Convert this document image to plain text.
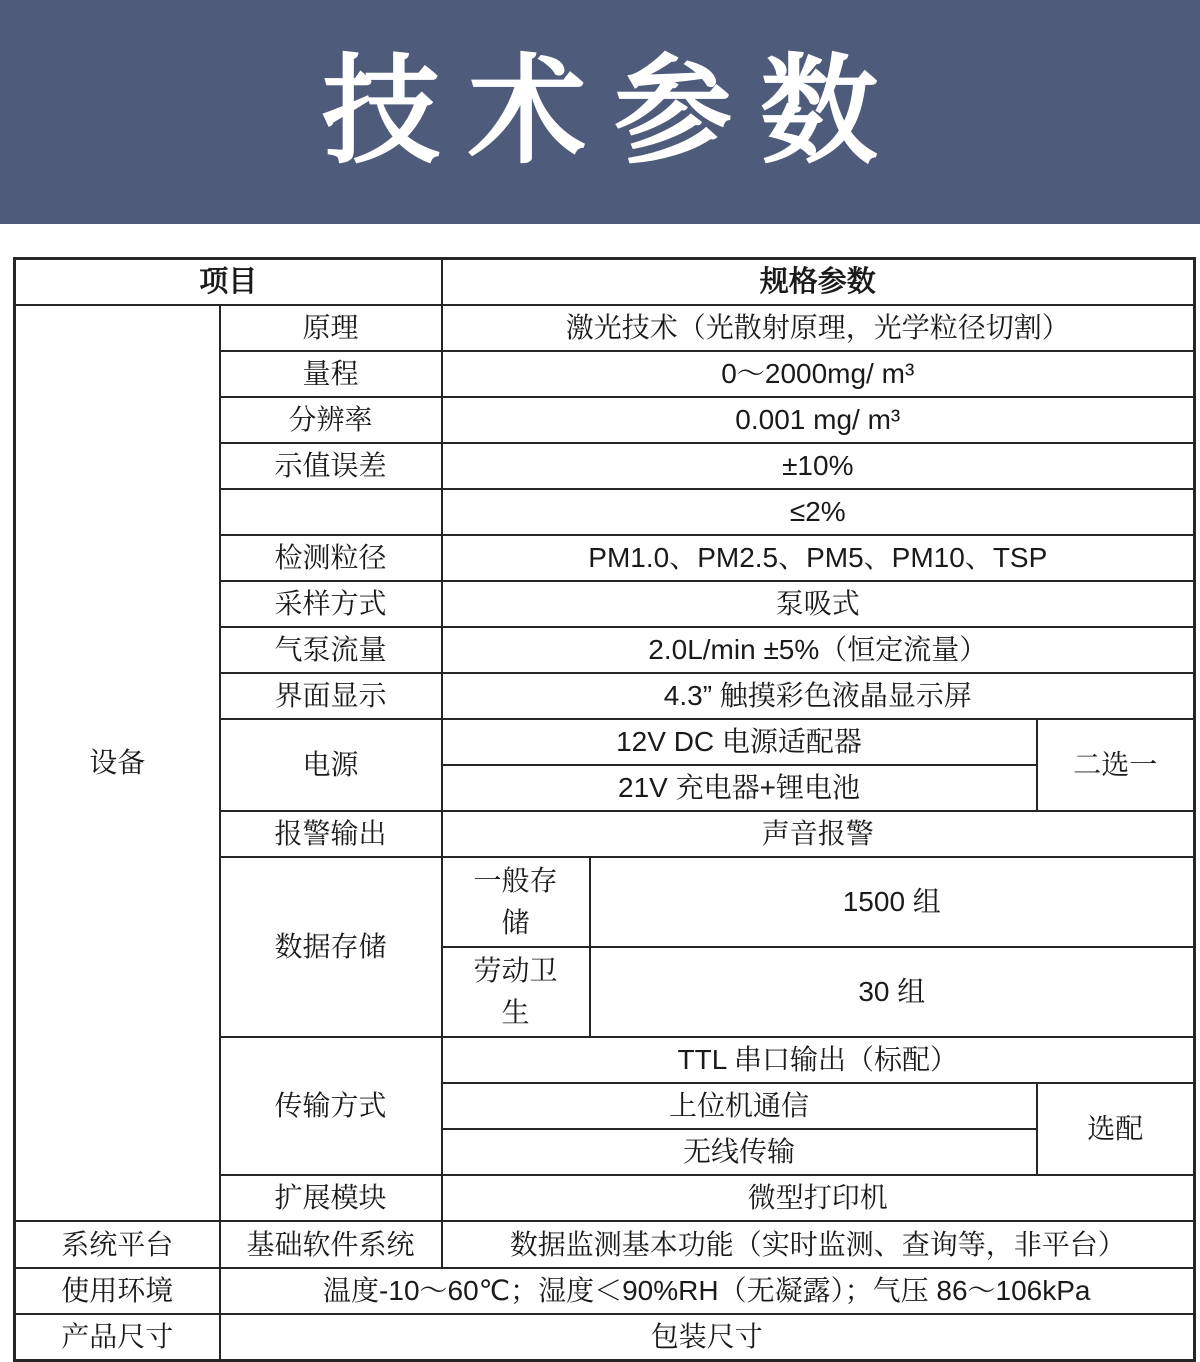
技术参数
项目		规格参数		
设备	原理	激光技术（光散射原理，光学粒径切割）		
	量程	0～2000mg/ m³		
	分辨率	0.001 mg/ m³		
	示值误差	±10%		
		≤2%		
	检测粒径	PM1.0、PM2.5、PM5、PM10、TSP		
	采样方式	泵吸式		
	气泵流量	2.0L/min ±5%（恒定流量）		
	界面显示	4.3” 触摸彩色液晶显示屏		
	电源	12V DC 电源适配器		二选一
		21V 充电器+锂电池		
	报警输出	声音报警		
	数据存储	一般存储	1500 组	
		劳动卫生	30 组	
	传输方式	TTL 串口输出（标配）		
		上位机通信		选配
		无线传输		
	扩展模块	微型打印机		
系统平台	基础软件系统	数据监测基本功能（实时监测、查询等，非平台）		
使用环境	温度-10～60℃；湿度＜90%RH（无凝露）；气压 86～106kPa			
产品尺寸	包装尺寸			
